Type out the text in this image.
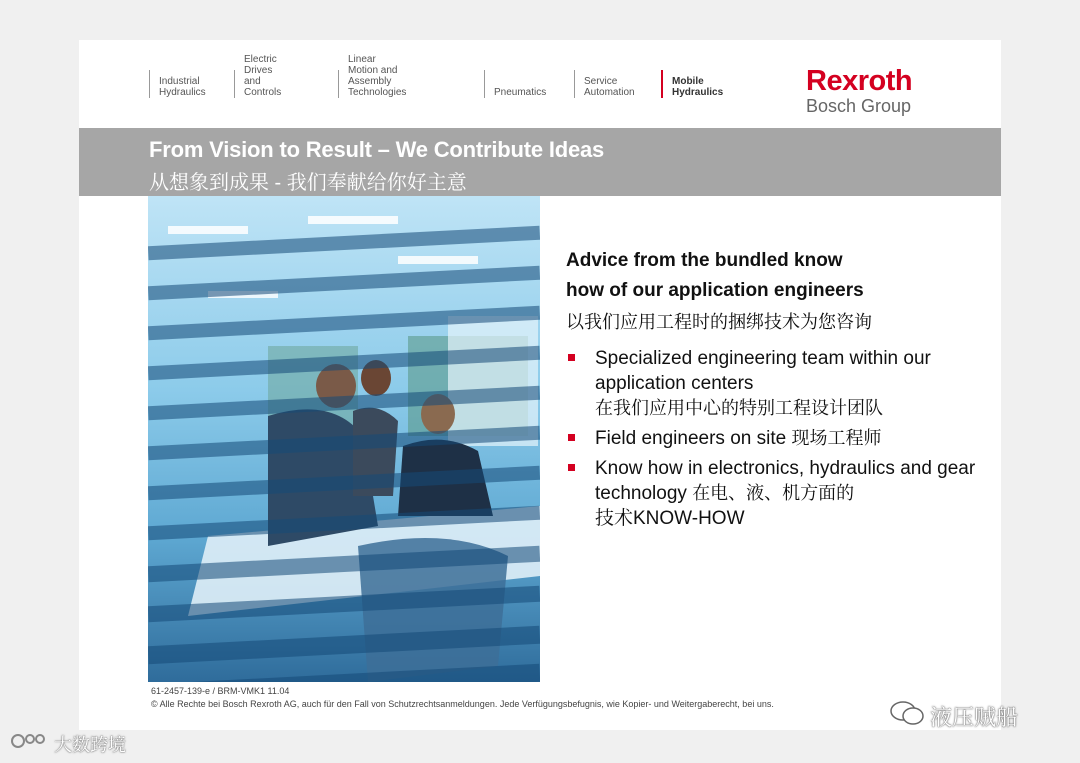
Industrial
Hydraulics
Electric Drives
and Controls
Linear Motion and
Assembly Technologies	Pneumatics
Service
Automation
Mobile
Hydraulics	Rexroth
Bosch Group
From Vision to Result – We Contribute Ideas
从想象到成果 - 我们奉献给你好主意

Advice from the bundled know
how of our application engineers

以我们应用工程时的捆绑技术为您咨询

Specialized engineering team within our application centers
在我们应用中心的特别工程设计团队
Field engineers on site 现场工程师
Know how in electronics, hydraulics and gear technology 在电、液、机方面的
技术KNOW-HOW
61-2457-139-e / BRM-VMK1 11.04
© Alle Rechte bei Bosch Rexroth AG, auch für den Fall von Schutzrechtsanmeldungen. Jede Verfügungsbefugnis, wie Kopier- und Weitergaberecht, bei uns.
液压贼船
大数跨境
